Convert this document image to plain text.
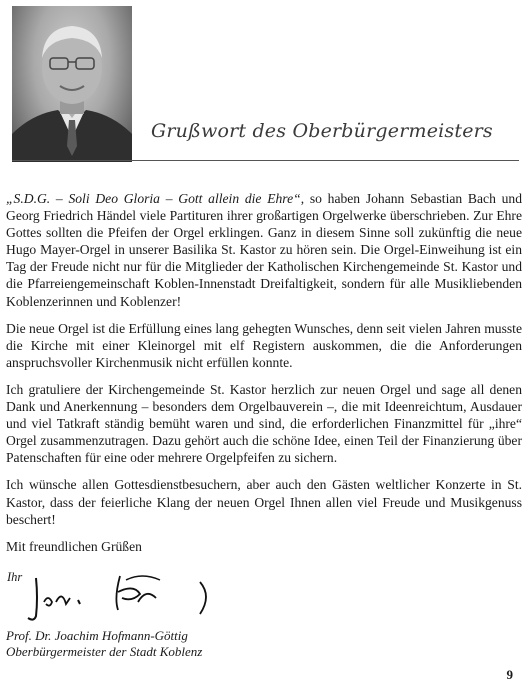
Grußwort des Oberbürgermeisters

„S.D.G. – Soli Deo Gloria – Gott allein die Ehre“, so haben Johann Sebastian Bach und Georg Friedrich Händel viele Partituren ihrer großartigen Orgelwerke überschrieben. Zur Ehre Gottes sollten die Pfeifen der Orgel erklingen. Ganz in diesem Sinne soll zukünftig die neue Hugo Mayer-Orgel in unserer Basilika St. Kastor zu hören sein. Die Orgel-Einweihung ist ein Tag der Freude nicht nur für die Mitglieder der Katholischen Kirchengemeinde St. Kastor und die Pfarreiengemeinschaft Koblen-Innenstadt Dreifaltigkeit, sondern für alle Musikliebenden Koblenzerinnen und Koblenzer!

Die neue Orgel ist die Erfüllung eines lang gehegten Wunsches, denn seit vielen Jahren musste die Kirche mit einer Kleinorgel mit elf Registern auskommen, die die Anforderungen anspruchsvoller Kirchenmusik nicht erfüllen konnte.

Ich gratuliere der Kirchengemeinde St. Kastor herzlich zur neuen Orgel und sage all denen Dank und Anerkennung – besonders dem Orgelbauverein –, die mit Ideenreichtum, Ausdauer und viel Tatkraft ständig bemüht waren und sind, die erforderlichen Finanzmittel für „ihre“ Orgel zusammenzutragen. Dazu gehört auch die schöne Idee, einen Teil der Finanzierung über Patenschaften für eine oder mehrere Orgelpfeifen zu sichern.

Ich wünsche allen Gottesdienstbesuchern, aber auch den Gästen weltlicher Konzerte in St. Kastor, dass der feierliche Klang der neuen Orgel Ihnen allen viel Freude und Musikgenuss beschert!

Mit freundlichen Grüßen

Ihr
Prof. Dr. Joachim Hofmann-Göttig
Oberbürgermeister der Stadt Koblenz
9
